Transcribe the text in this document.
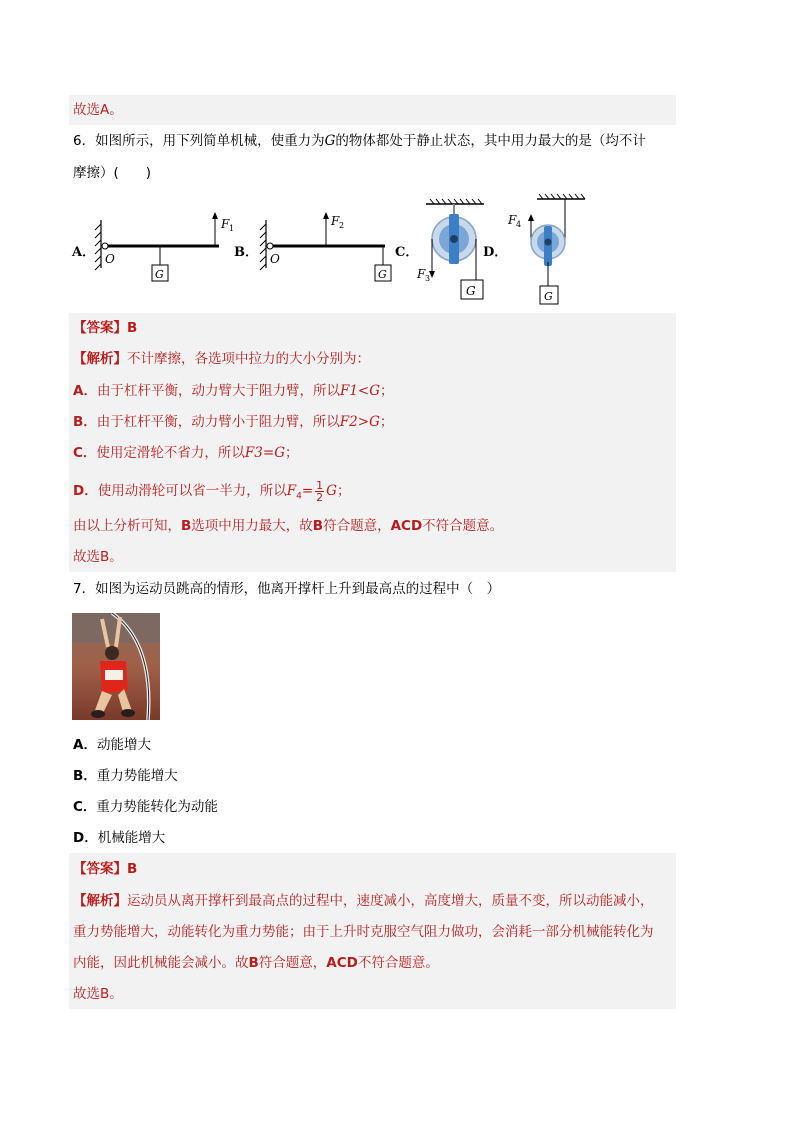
故选A。
6．如图所示，用下列简单机械，使重力为G的物体都处于静止状态，其中用力最大的是（均不计
摩擦）(　　)
A． O
F 1
G
B． O
F 2
G
C．
F 3
G
D．
F 4
G
【答案】B
【解析】不计摩擦，各选项中拉力的大小分别为：
A．由于杠杆平衡，动力臂大于阻力臂，所以F1<G；
B．由于杠杆平衡，动力臂小于阻力臂，所以F2>G；
C．使用定滑轮不省力，所以F3=G；
D．使用动滑轮可以省一半力，所以$F_4= \frac{1}{2}$ G；
由以上分析可知，B选项中用力最大，故B符合题意，ACD不符合题意。
故选B。
7．如图为运动员跳高的情形，他离开撑杆上升到最高点的过程中（　）
A．动能增大
B．重力势能增大
C．重力势能转化为动能
D．机械能增大
【答案】B
【解析】运动员从离开撑杆到最高点的过程中，速度减小，高度增大，质量不变，所以动能减小，
重力势能增大，动能转化为重力势能；由于上升时克服空气阻力做功，会消耗一部分机械能转化为
内能，因此机械能会减小。故B符合题意，ACD不符合题意。
故选B。
